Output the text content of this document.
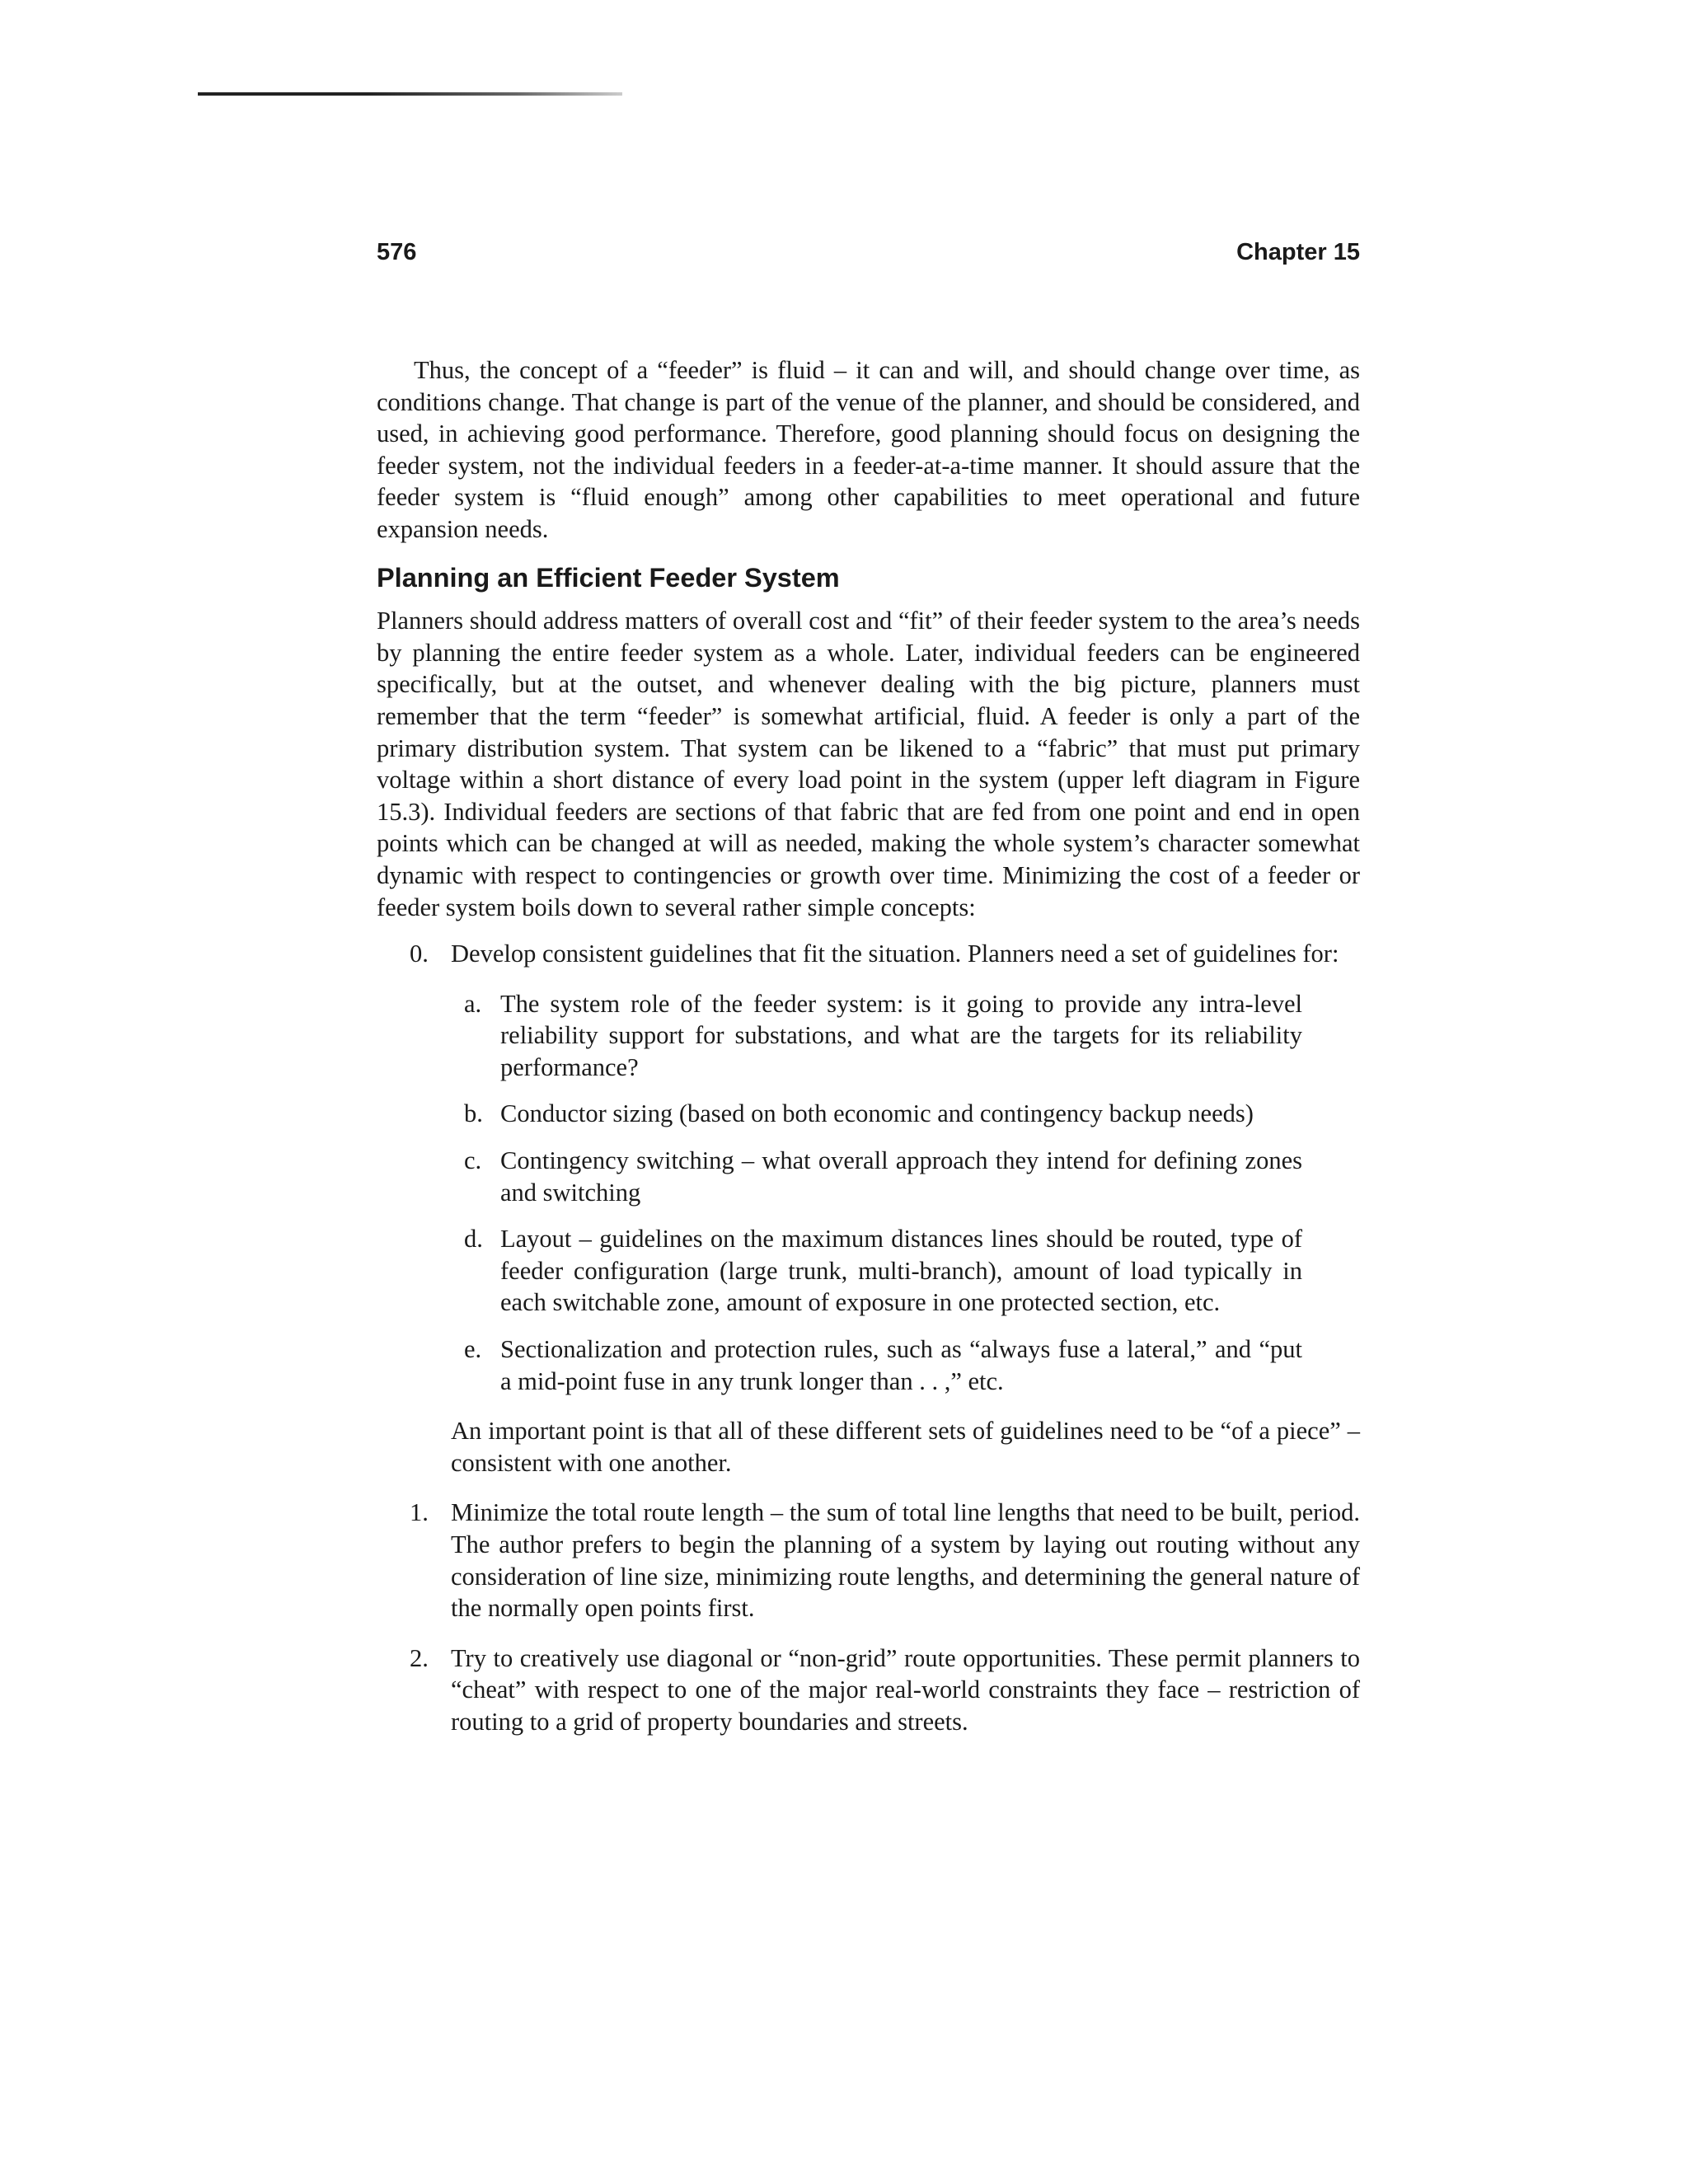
576	Chapter 15

Thus, the concept of a “feeder” is fluid – it can and will, and should change over time, as conditions change. That change is part of the venue of the planner, and should be considered, and used, in achieving good performance. Therefore, good planning should focus on designing the feeder system, not the individual feeders in a feeder-at-a-time manner. It should assure that the feeder system is “fluid enough” among other capabilities to meet operational and future expansion needs.

Planning an Efficient Feeder System

Planners should address matters of overall cost and “fit” of their feeder system to the area’s needs by planning the entire feeder system as a whole. Later, individual feeders can be engineered specifically, but at the outset, and whenever dealing with the big picture, planners must remember that the term “feeder” is somewhat artificial, fluid. A feeder is only a part of the primary distribution system. That system can be likened to a “fabric” that must put primary voltage within a short distance of every load point in the system (upper left diagram in Figure 15.3). Individual feeders are sections of that fabric that are fed from one point and end in open points which can be changed at will as needed, making the whole system’s character somewhat dynamic with respect to contingencies or growth over time. Minimizing the cost of a feeder or feeder system boils down to several rather simple concepts:

0. Develop consistent guidelines that fit the situation. Planners need a set of guidelines for:
a. The system role of the feeder system: is it going to provide any intra-level reliability support for substations, and what are the targets for its reliability performance?
b. Conductor sizing (based on both economic and contingency backup needs)
c. Contingency switching – what overall approach they intend for defining zones and switching
d. Layout – guidelines on the maximum distances lines should be routed, type of feeder configuration (large trunk, multi-branch), amount of load typically in each switchable zone, amount of exposure in one protected section, etc.
e. Sectionalization and protection rules, such as “always fuse a lateral,” and “put a mid-point fuse in any trunk longer than . . ,” etc.

An important point is that all of these different sets of guidelines need to be “of a piece” – consistent with one another.

1. Minimize the total route length – the sum of total line lengths that need to be built, period. The author prefers to begin the planning of a system by laying out routing without any consideration of line size, minimizing route lengths, and determining the general nature of the normally open points first.
2. Try to creatively use diagonal or “non-grid” route opportunities. These permit planners to “cheat” with respect to one of the major real-world constraints they face – restriction of routing to a grid of property boundaries and streets.
